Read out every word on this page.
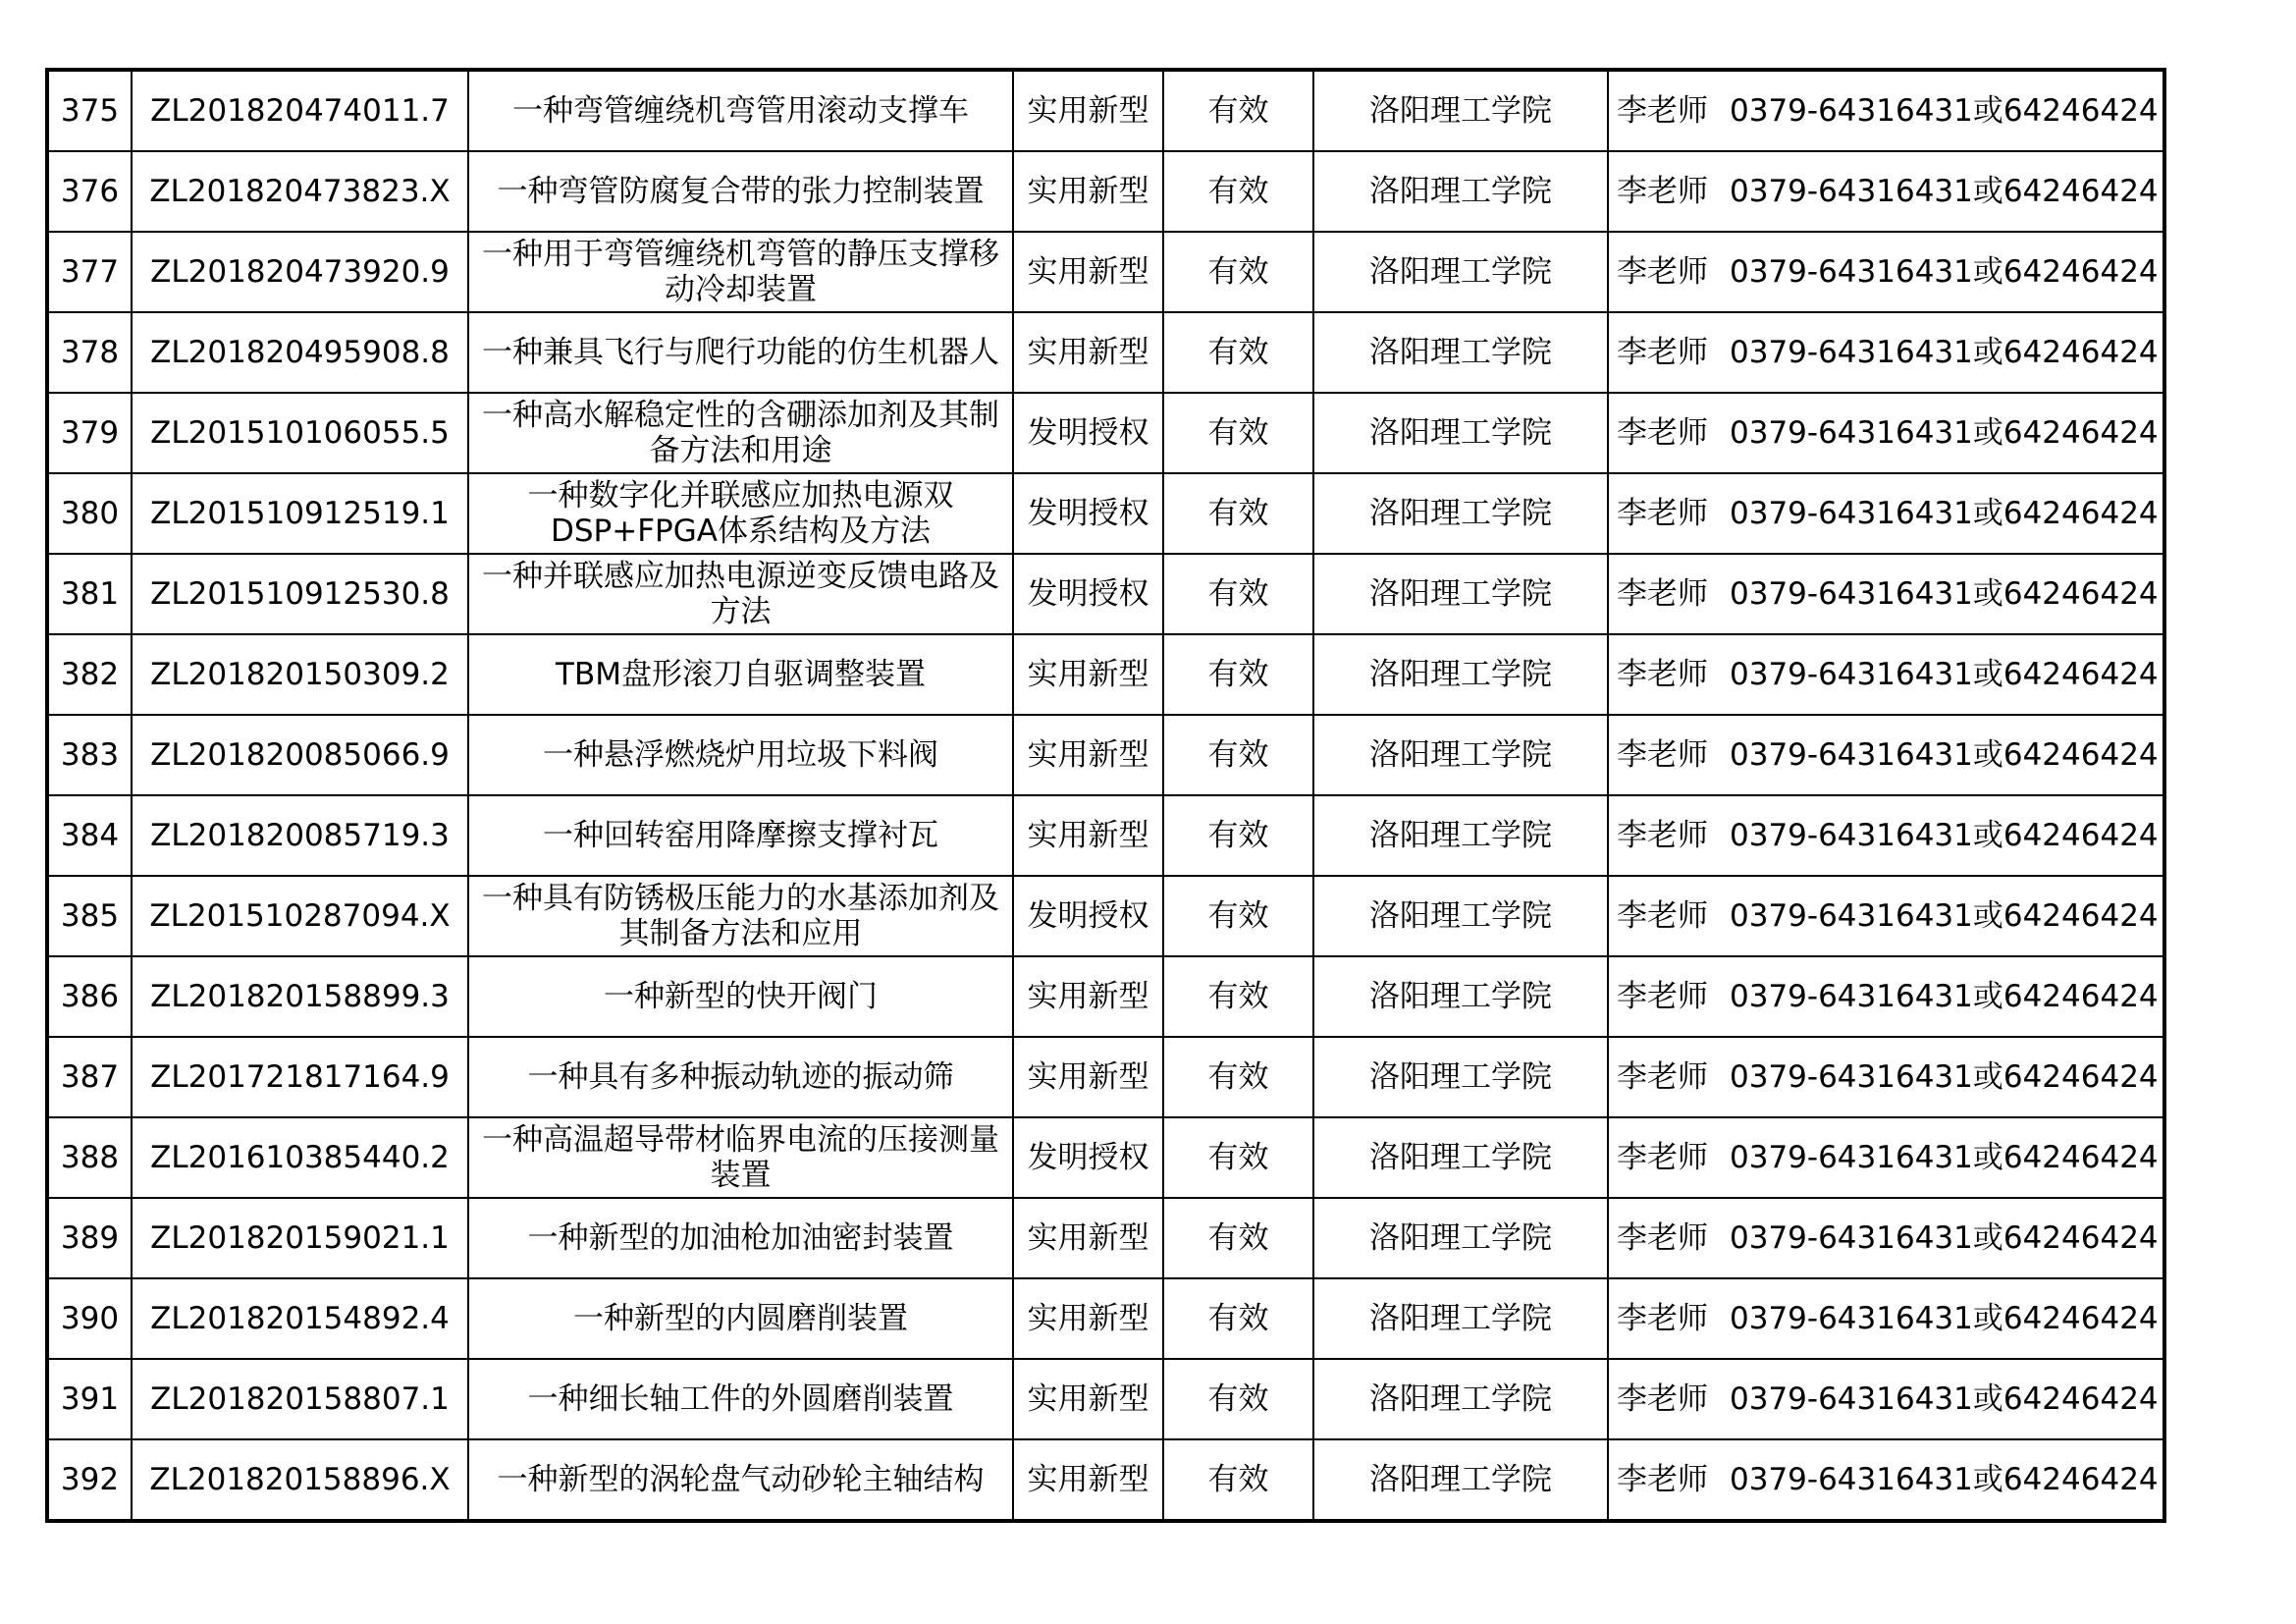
375	ZL201820474011.7	一种弯管缠绕机弯管用滚动支撑车	实用新型	有效	洛阳理工学院	李老师 0379-64316431或64246424
376	ZL201820473823.X	一种弯管防腐复合带的张力控制装置	实用新型	有效	洛阳理工学院	李老师 0379-64316431或64246424
377	ZL201820473920.9	一种用于弯管缠绕机弯管的静压支撑移动冷却装置	实用新型	有效	洛阳理工学院	李老师 0379-64316431或64246424
378	ZL201820495908.8	一种兼具飞行与爬行功能的仿生机器人	实用新型	有效	洛阳理工学院	李老师 0379-64316431或64246424
379	ZL201510106055.5	一种高水解稳定性的含硼添加剂及其制备方法和用途	发明授权	有效	洛阳理工学院	李老师 0379-64316431或64246424
380	ZL201510912519.1	一种数字化并联感应加热电源双DSP+FPGA体系结构及方法	发明授权	有效	洛阳理工学院	李老师 0379-64316431或64246424
381	ZL201510912530.8	一种并联感应加热电源逆变反馈电路及方法	发明授权	有效	洛阳理工学院	李老师 0379-64316431或64246424
382	ZL201820150309.2	TBM盘形滚刀自驱调整装置	实用新型	有效	洛阳理工学院	李老师 0379-64316431或64246424
383	ZL201820085066.9	一种悬浮燃烧炉用垃圾下料阀	实用新型	有效	洛阳理工学院	李老师 0379-64316431或64246424
384	ZL201820085719.3	一种回转窑用降摩擦支撑衬瓦	实用新型	有效	洛阳理工学院	李老师 0379-64316431或64246424
385	ZL201510287094.X	一种具有防锈极压能力的水基添加剂及其制备方法和应用	发明授权	有效	洛阳理工学院	李老师 0379-64316431或64246424
386	ZL201820158899.3	一种新型的快开阀门	实用新型	有效	洛阳理工学院	李老师 0379-64316431或64246424
387	ZL201721817164.9	一种具有多种振动轨迹的振动筛	实用新型	有效	洛阳理工学院	李老师 0379-64316431或64246424
388	ZL201610385440.2	一种高温超导带材临界电流的压接测量装置	发明授权	有效	洛阳理工学院	李老师 0379-64316431或64246424
389	ZL201820159021.1	一种新型的加油枪加油密封装置	实用新型	有效	洛阳理工学院	李老师 0379-64316431或64246424
390	ZL201820154892.4	一种新型的内圆磨削装置	实用新型	有效	洛阳理工学院	李老师 0379-64316431或64246424
391	ZL201820158807.1	一种细长轴工件的外圆磨削装置	实用新型	有效	洛阳理工学院	李老师 0379-64316431或64246424
392	ZL201820158896.X	一种新型的涡轮盘气动砂轮主轴结构	实用新型	有效	洛阳理工学院	李老师 0379-64316431或64246424
